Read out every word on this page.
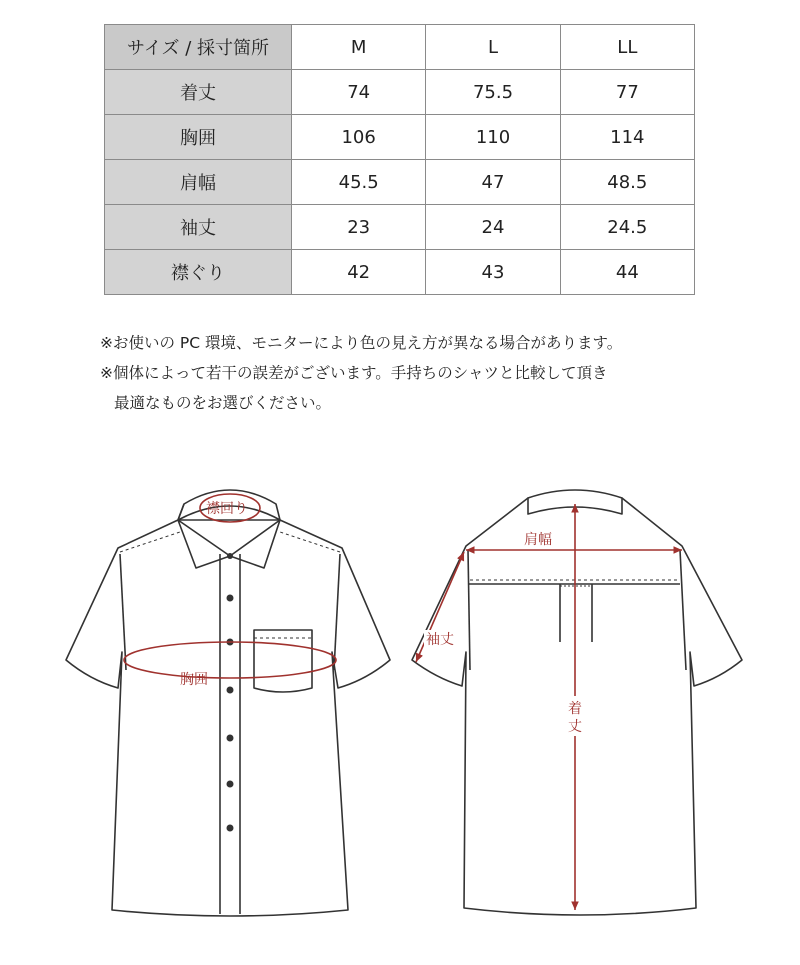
サイズ / 採寸箇所	M	L	LL
着丈	74	75.5	77
胸囲	106	110	114
肩幅	45.5	47	48.5
袖丈	23	24	24.5
襟ぐり	42	43	44
※お使いの PC 環境、モニターにより色の見え方が異なる場合があります。
※個体によって若干の誤差がございます。手持ちのシャツと比較して頂き
最適なものをお選びください。
襟回り
胸囲
肩幅
袖丈
着
丈
